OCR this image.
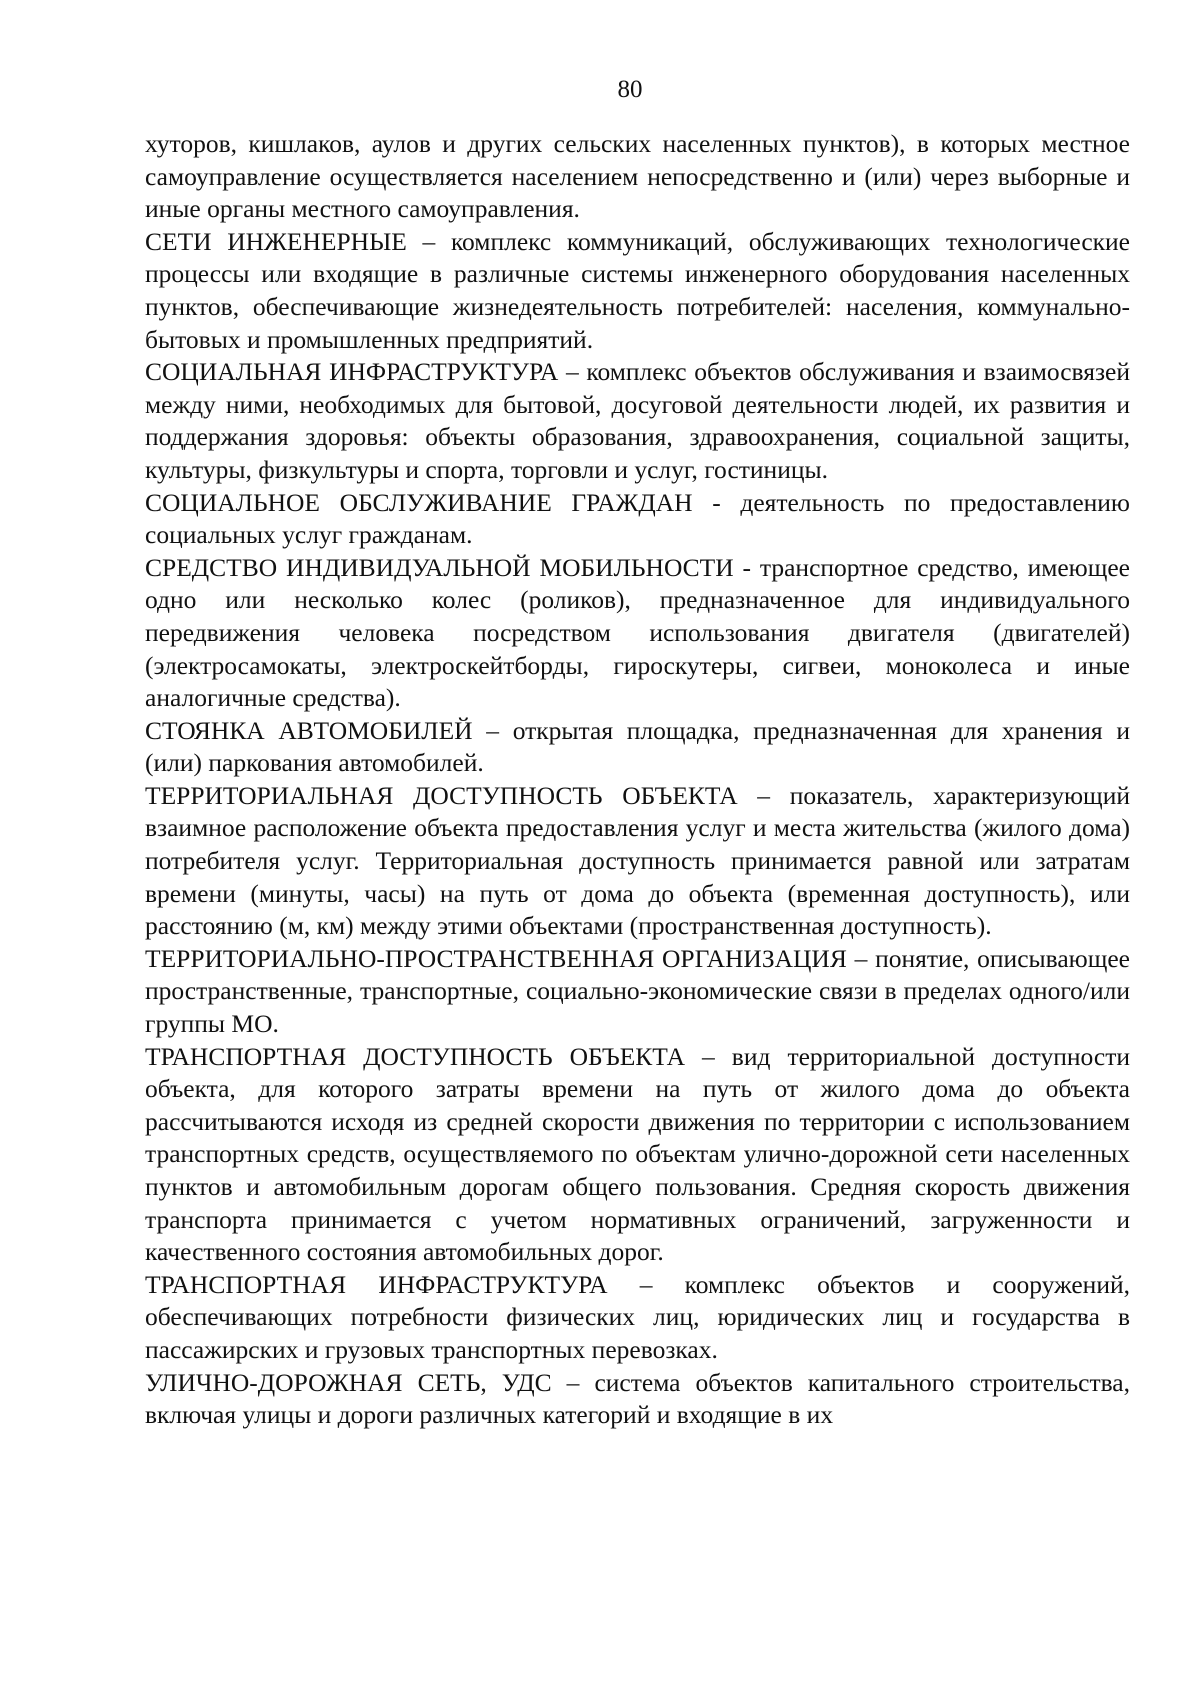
80

хуторов, кишлаков, аулов и других сельских населенных пунктов), в которых местное самоуправление осуществляется населением непосредственно и (или) через выборные и иные органы местного самоуправления.

СЕТИ ИНЖЕНЕРНЫЕ – комплекс коммуникаций, обслуживающих технологические процессы или входящие в различные системы инженерного оборудования населенных пунктов, обеспечивающие жизнедеятельность потребителей: населения, коммунально-бытовых и промышленных предприятий.

СОЦИАЛЬНАЯ ИНФРАСТРУКТУРА – комплекс объектов обслуживания и взаимосвязей между ними, необходимых для бытовой, досуговой деятельности людей, их развития и поддержания здоровья: объекты образования, здравоохранения, социальной защиты, культуры, физкультуры и спорта, торговли и услуг, гостиницы.

СОЦИАЛЬНОЕ ОБСЛУЖИВАНИЕ ГРАЖДАН - деятельность по предоставлению социальных услуг гражданам.

СРЕДСТВО ИНДИВИДУАЛЬНОЙ МОБИЛЬНОСТИ - транспортное средство, имеющее одно или несколько колес (роликов), предназначенное для индивидуального передвижения человека посредством использования двигателя (двигателей) (электросамокаты, электроскейтборды, гироскутеры, сигвеи, моноколеса и иные аналогичные средства).

СТОЯНКА АВТОМОБИЛЕЙ – открытая площадка, предназначенная для хранения и (или) паркования автомобилей.

ТЕРРИТОРИАЛЬНАЯ ДОСТУПНОСТЬ ОБЪЕКТА – показатель, характеризующий взаимное расположение объекта предоставления услуг и места жительства (жилого дома) потребителя услуг. Территориальная доступность принимается равной или затратам времени (минуты, часы) на путь от дома до объекта (временная доступность), или расстоянию (м, км) между этими объектами (пространственная доступность).

ТЕРРИТОРИАЛЬНО-ПРОСТРАНСТВЕННАЯ ОРГАНИЗАЦИЯ – понятие, описывающее пространственные, транспортные, социально-экономические связи в пределах одного/или группы МО.

ТРАНСПОРТНАЯ ДОСТУПНОСТЬ ОБЪЕКТА – вид территориальной доступности объекта, для которого затраты времени на путь от жилого дома до объекта рассчитываются исходя из средней скорости движения по территории с использованием транспортных средств, осуществляемого по объектам улично-дорожной сети населенных пунктов и автомобильным дорогам общего пользования. Средняя скорость движения транспорта принимается с учетом нормативных ограничений, загруженности и качественного состояния автомобильных дорог.

ТРАНСПОРТНАЯ ИНФРАСТРУКТУРА – комплекс объектов и сооружений, обеспечивающих потребности физических лиц, юридических лиц и государства в пассажирских и грузовых транспортных перевозках.

УЛИЧНО-ДОРОЖНАЯ СЕТЬ, УДС – система объектов капитального строительства, включая улицы и дороги различных категорий и входящие в их
